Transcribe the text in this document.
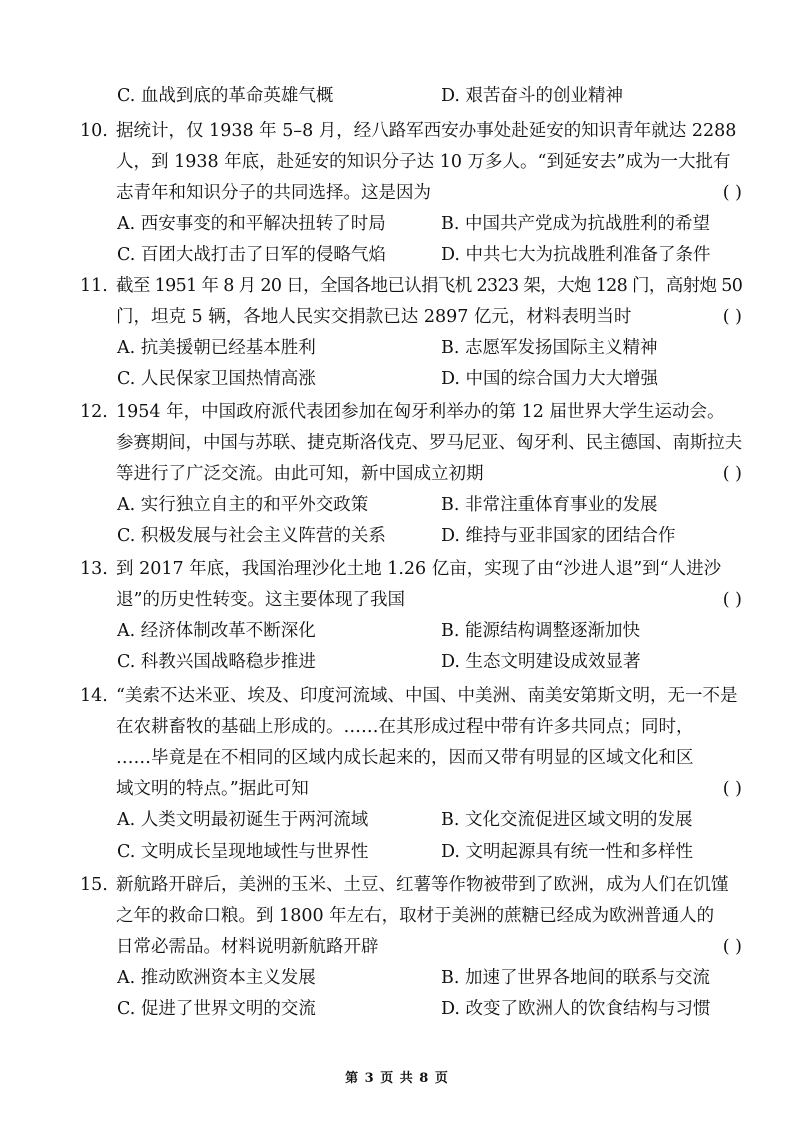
C. 血战到底的革命英雄气概	D. 艰苦奋斗的创业精神
10. 据统计，仅 1938 年 5–8 月，经八路军西安办事处赴延安的知识青年就达 2288
人，到 1938 年底，赴延安的知识分子达 10 万多人。“到延安去”成为一大批有
志青年和知识分子的共同选择。这是因为	( )
A. 西安事变的和平解决扭转了时局	B. 中国共产党成为抗战胜利的希望
C. 百团大战打击了日军的侵略气焰	D. 中共七大为抗战胜利准备了条件
11. 截至 1951 年 8 月 20 日，全国各地已认捐飞机 2323 架，大炮 128 门，高射炮 50
门，坦克 5 辆，各地人民实交捐款已达 2897 亿元，材料表明当时	( )
A. 抗美援朝已经基本胜利	B. 志愿军发扬国际主义精神
C. 人民保家卫国热情高涨	D. 中国的综合国力大大增强
12. 1954 年，中国政府派代表团参加在匈牙利举办的第 12 届世界大学生运动会。
参赛期间，中国与苏联、捷克斯洛伐克、罗马尼亚、匈牙利、民主德国、南斯拉夫
等进行了广泛交流。由此可知，新中国成立初期	( )
A. 实行独立自主的和平外交政策	B. 非常注重体育事业的发展
C. 积极发展与社会主义阵营的关系	D. 维持与亚非国家的团结合作
13. 到 2017 年底，我国治理沙化土地 1.26 亿亩，实现了由“沙进人退”到“人进沙
退”的历史性转变。这主要体现了我国	( )
A. 经济体制改革不断深化	B. 能源结构调整逐渐加快
C. 科教兴国战略稳步推进	D. 生态文明建设成效显著
14. “美索不达米亚、埃及、印度河流域、中国、中美洲、南美安第斯文明，无一不是
在农耕畜牧的基础上形成的。……在其形成过程中带有许多共同点；同时，
……毕竟是在不相同的区域内成长起来的，因而又带有明显的区域文化和区
域文明的特点。”据此可知	( )
A. 人类文明最初诞生于两河流域	B. 文化交流促进区域文明的发展
C. 文明成长呈现地域性与世界性	D. 文明起源具有统一性和多样性
15. 新航路开辟后，美洲的玉米、土豆、红薯等作物被带到了欧洲，成为人们在饥馑
之年的救命口粮。到 1800 年左右，取材于美洲的蔗糖已经成为欧洲普通人的
日常必需品。材料说明新航路开辟	( )
A. 推动欧洲资本主义发展	B. 加速了世界各地间的联系与交流
C. 促进了世界文明的交流	D. 改变了欧洲人的饮食结构与习惯
第 3 页 共 8 页
